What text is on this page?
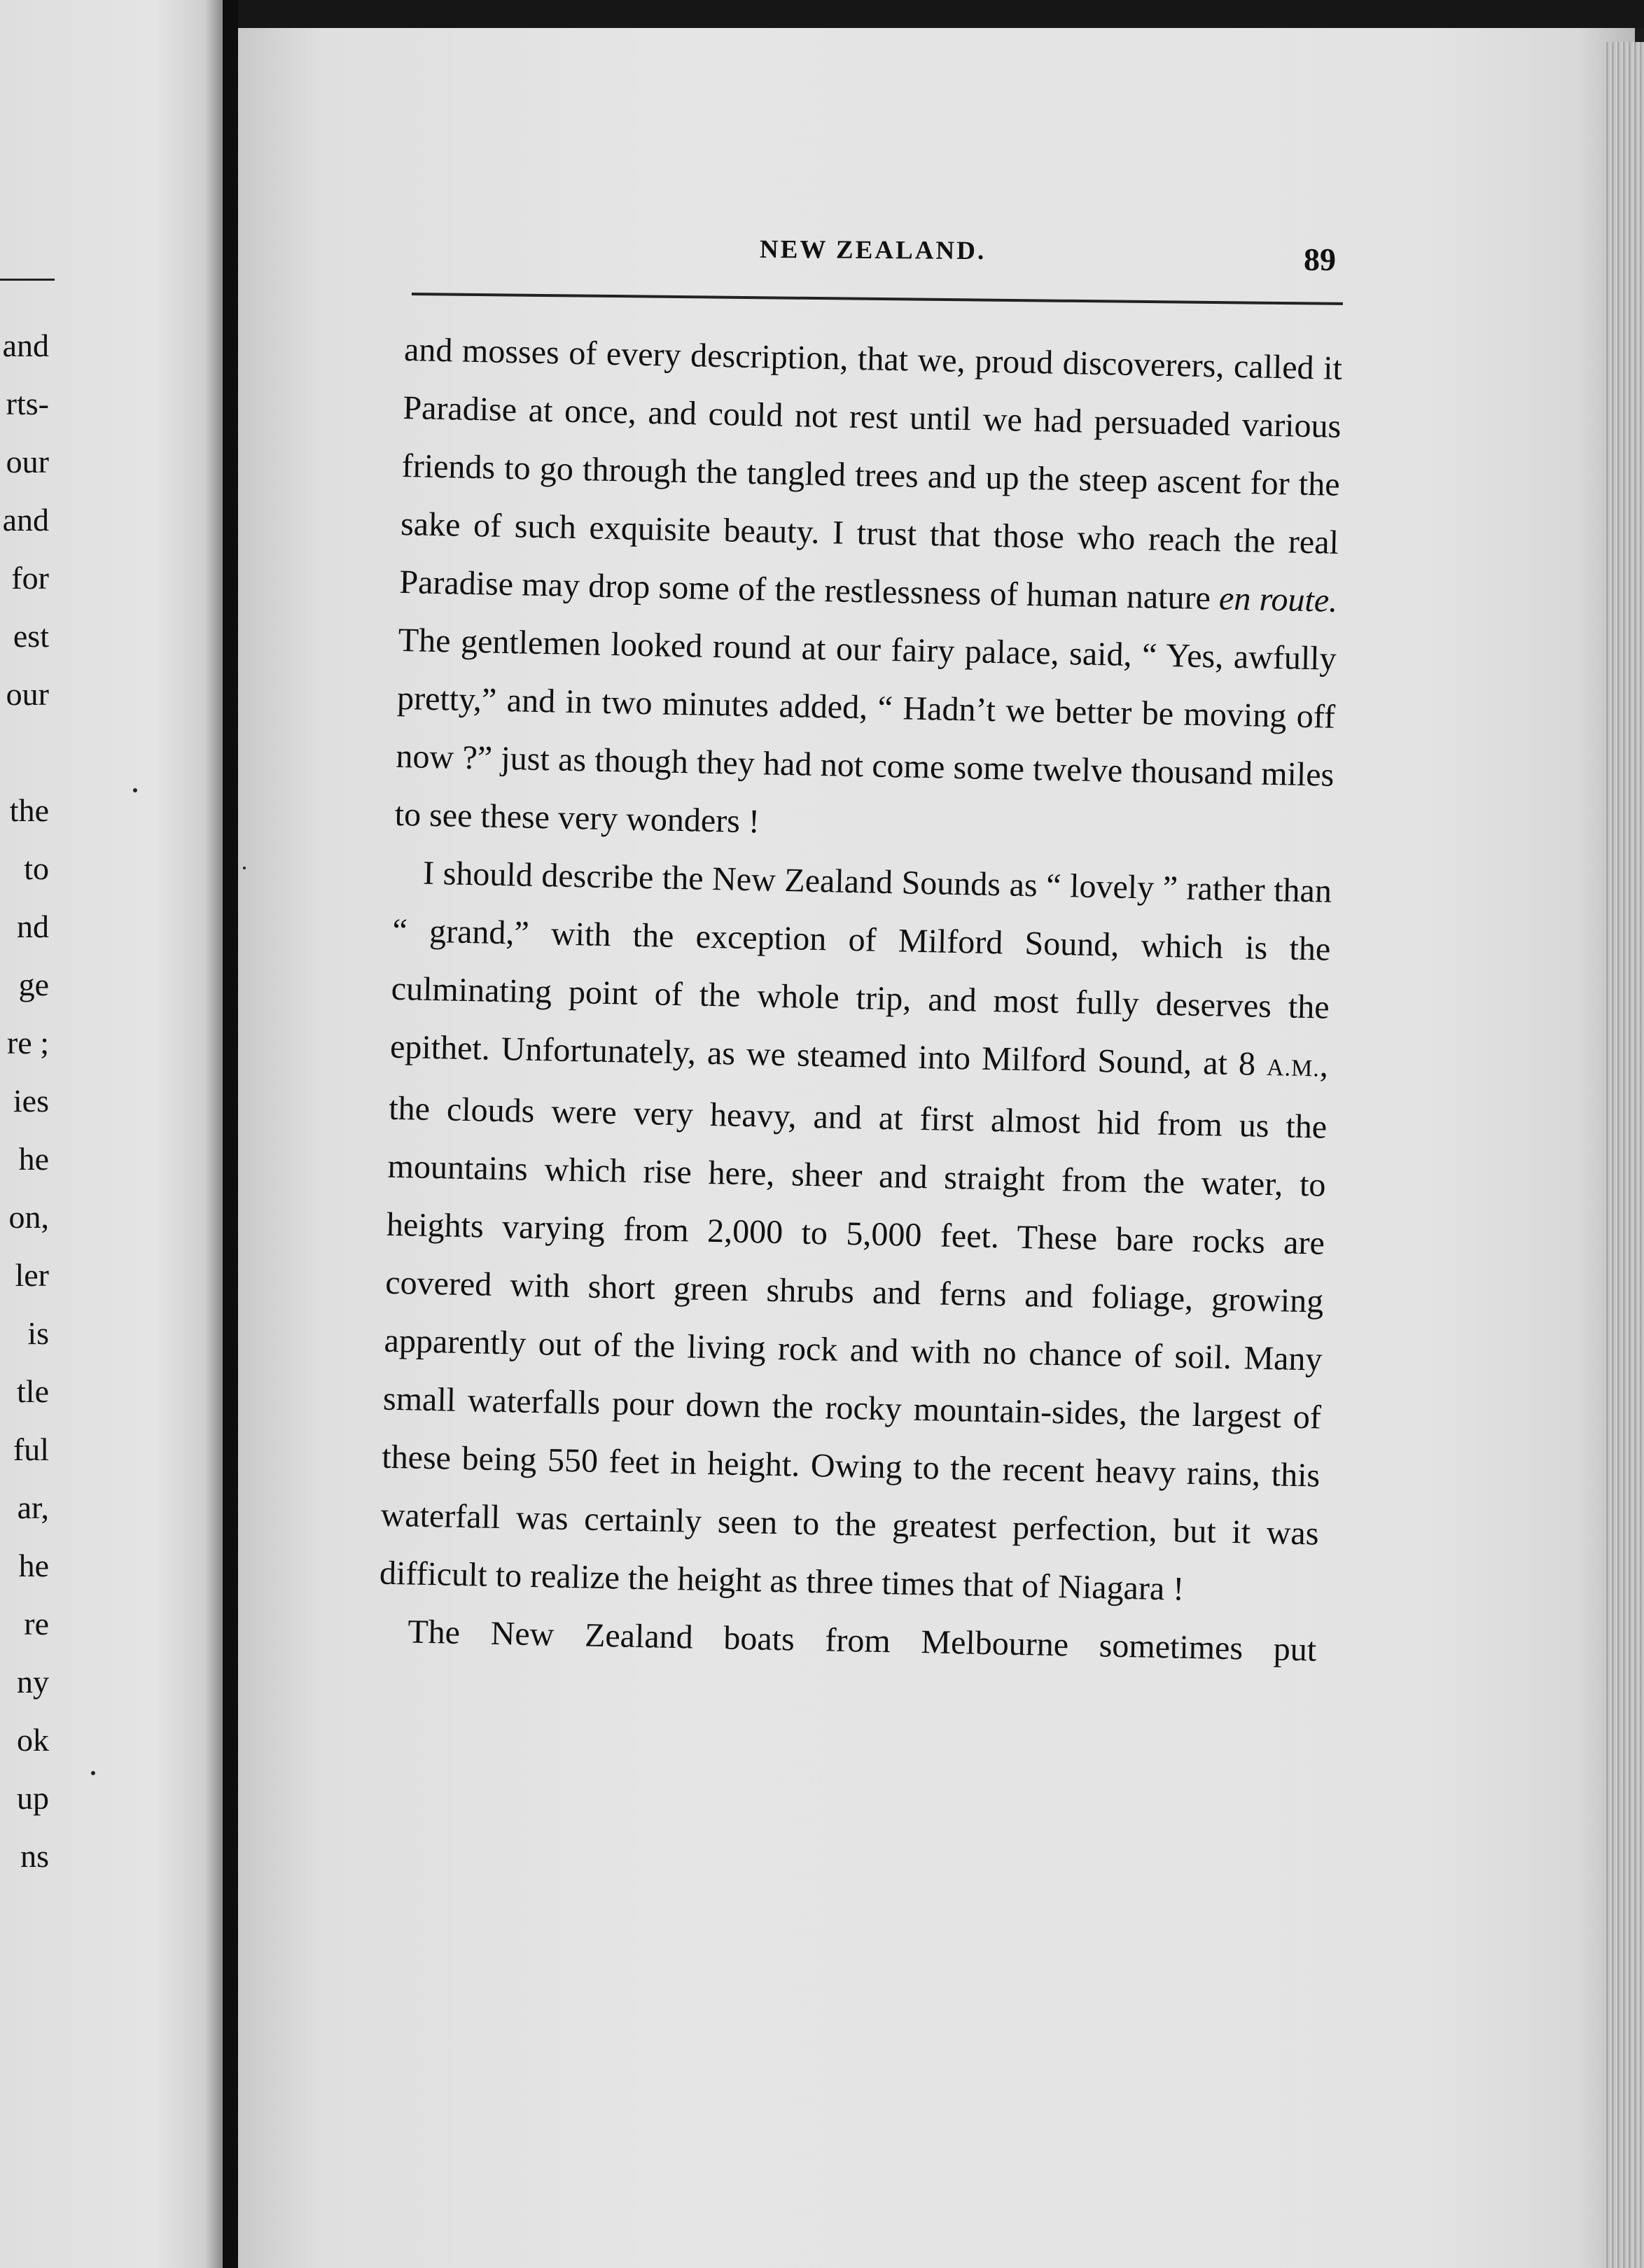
and
rts-
our
and
for
est
our

the
to
nd
ge
re ;
ies
he
on,
ler
is
tle
ful
ar,
he
re
ny
ok
up
ns
NEW ZEALAND.	89

and mosses of every description, that we, proud discoverers, called it Paradise at once, and could not rest until we had persuaded various friends to go through the tangled trees and up the steep ascent for the sake of such exquisite beauty. I trust that those who reach the real Paradise may drop some of the restlessness of human nature en route. The gentlemen looked round at our fairy palace, said, “ Yes, awfully pretty,” and in two minutes added, “ Hadn’t we better be moving off now ?” just as though they had not come some twelve thousand miles to see these very wonders !

I should describe the New Zealand Sounds as “ lovely ” rather than “ grand,” with the exception of Milford Sound, which is the culminating point of the whole trip, and most fully deserves the epithet. Unfortunately, as we steamed into Milford Sound, at 8 A.M., the clouds were very heavy, and at first almost hid from us the mountains which rise here, sheer and straight from the water, to heights varying from 2,000 to 5,000 feet. These bare rocks are covered with short green shrubs and ferns and foliage, growing apparently out of the living rock and with no chance of soil. Many small waterfalls pour down the rocky mountain-sides, the largest of these being 550 feet in height. Owing to the recent heavy rains, this waterfall was certainly seen to the greatest perfection, but it was difficult to realize the height as three times that of Niagara !

The New Zealand boats from Melbourne sometimes put
